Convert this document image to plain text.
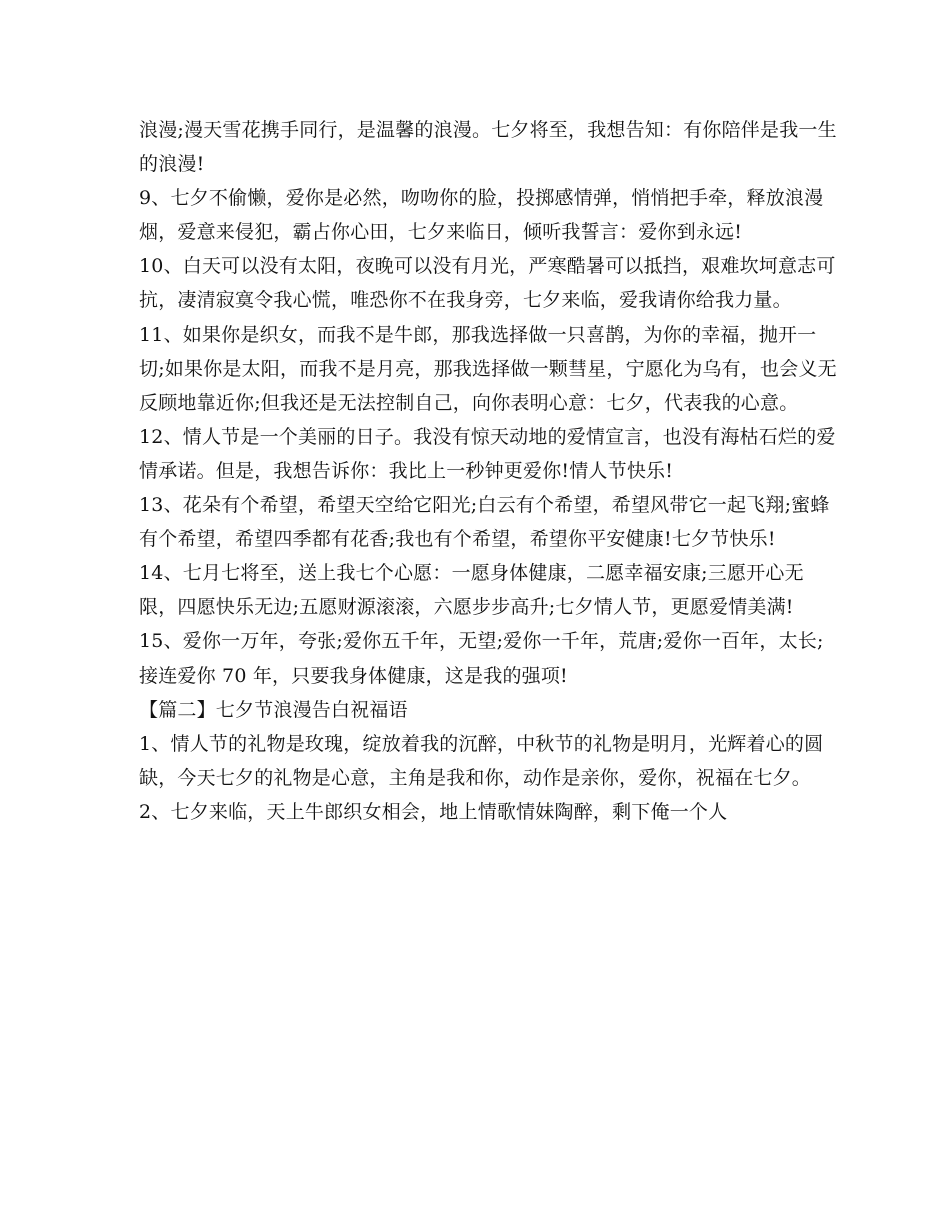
浪漫;漫天雪花携手同行，是温馨的浪漫。七夕将至，我想告知：有你陪伴是我一生的浪漫!

9、七夕不偷懒，爱你是必然，吻吻你的脸，投掷感情弹，悄悄把手牵，释放浪漫烟，爱意来侵犯，霸占你心田，七夕来临日，倾听我誓言：爱你到永远!

10、白天可以没有太阳，夜晚可以没有月光，严寒酷暑可以抵挡，艰难坎坷意志可抗，凄清寂寞令我心慌，唯恐你不在我身旁，七夕来临，爱我请你给我力量。

11、如果你是织女，而我不是牛郎，那我选择做一只喜鹊，为你的幸福，抛开一切;如果你是太阳，而我不是月亮，那我选择做一颗彗星，宁愿化为乌有，也会义无反顾地靠近你;但我还是无法控制自己，向你表明心意：七夕，代表我的心意。

12、情人节是一个美丽的日子。我没有惊天动地的爱情宣言，也没有海枯石烂的爱情承诺。但是，我想告诉你：我比上一秒钟更爱你!情人节快乐!

13、花朵有个希望，希望天空给它阳光;白云有个希望，希望风带它一起飞翔;蜜蜂有个希望，希望四季都有花香;我也有个希望，希望你平安健康!七夕节快乐!

14、七月七将至，送上我七个心愿：一愿身体健康，二愿幸福安康;三愿开心无限，四愿快乐无边;五愿财源滚滚，六愿步步高升;七夕情人节，更愿爱情美满!

15、爱你一万年，夸张;爱你五千年，无望;爱你一千年，荒唐;爱你一百年，太长;接连爱你 70 年，只要我身体健康，这是我的强项!

【篇二】七夕节浪漫告白祝福语

1、情人节的礼物是玫瑰，绽放着我的沉醉，中秋节的礼物是明月，光辉着心的圆缺，今天七夕的礼物是心意，主角是我和你，动作是亲你，爱你，祝福在七夕。

2、七夕来临，天上牛郎织女相会，地上情歌情妹陶醉，剩下俺一个人
